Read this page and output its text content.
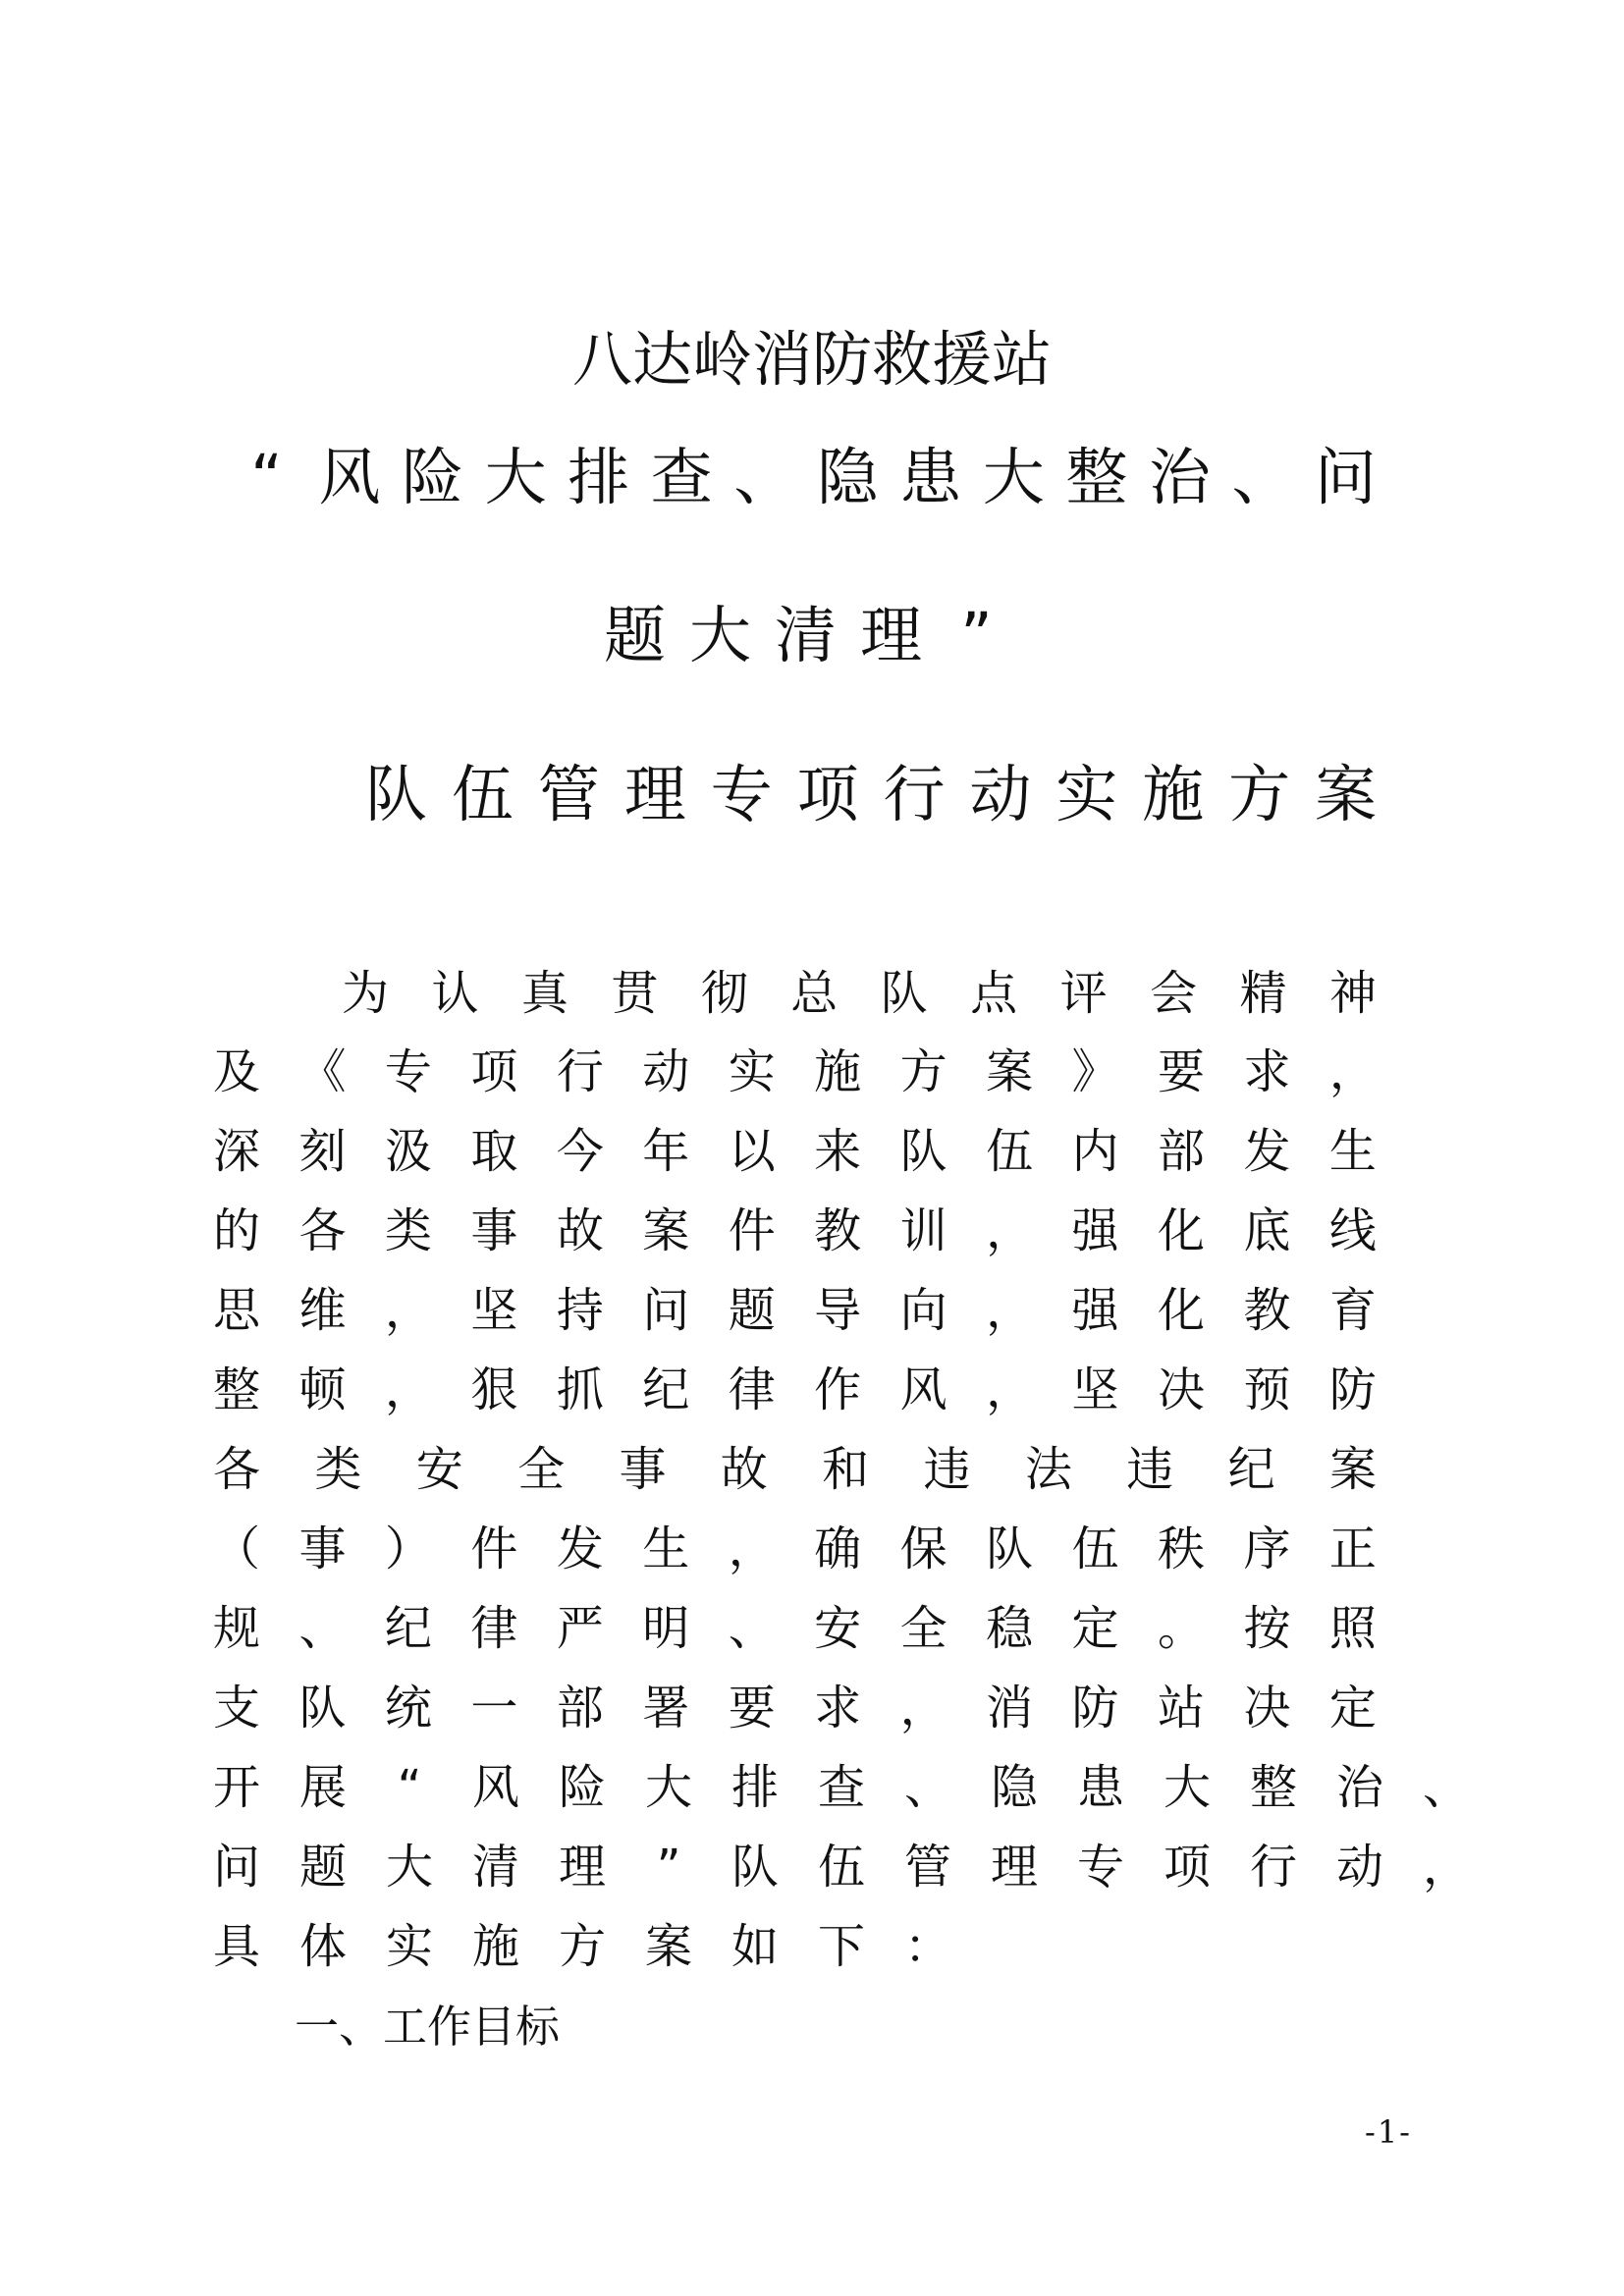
八达岭消防救援站
“ 风 险 大 排 查 、 隐 患 大 整 治 、 问
题 大 清 理 ”
队 伍 管 理 专 项 行 动 实 施 方 案
为 认 真 贯 彻 总 队 点 评 会 精 神
及 《 专 项 行 动 实 施 方 案 》 要 求 ，
深 刻 汲 取 今 年 以 来 队 伍 内 部 发 生
的 各 类 事 故 案 件 教 训 ， 强 化 底 线
思 维 ， 坚 持 问 题 导 向 ， 强 化 教 育
整 顿 ， 狠 抓 纪 律 作 风 ， 坚 决 预 防
各 类 安 全 事 故 和 违 法 违 纪 案
（ 事 ） 件 发 生 ， 确 保 队 伍 秩 序 正
规 、 纪 律 严 明 、 安 全 稳 定 。 按 照
支 队 统 一 部 署 要 求 ， 消 防 站 决 定
开 展 “ 风 险 大 排 查 、 隐 患 大 整 治 、
问 题 大 清 理 ” 队 伍 管 理 专 项 行 动 ，
具 体 实 施 方 案 如 下 ：
一、工作目标
-1-
